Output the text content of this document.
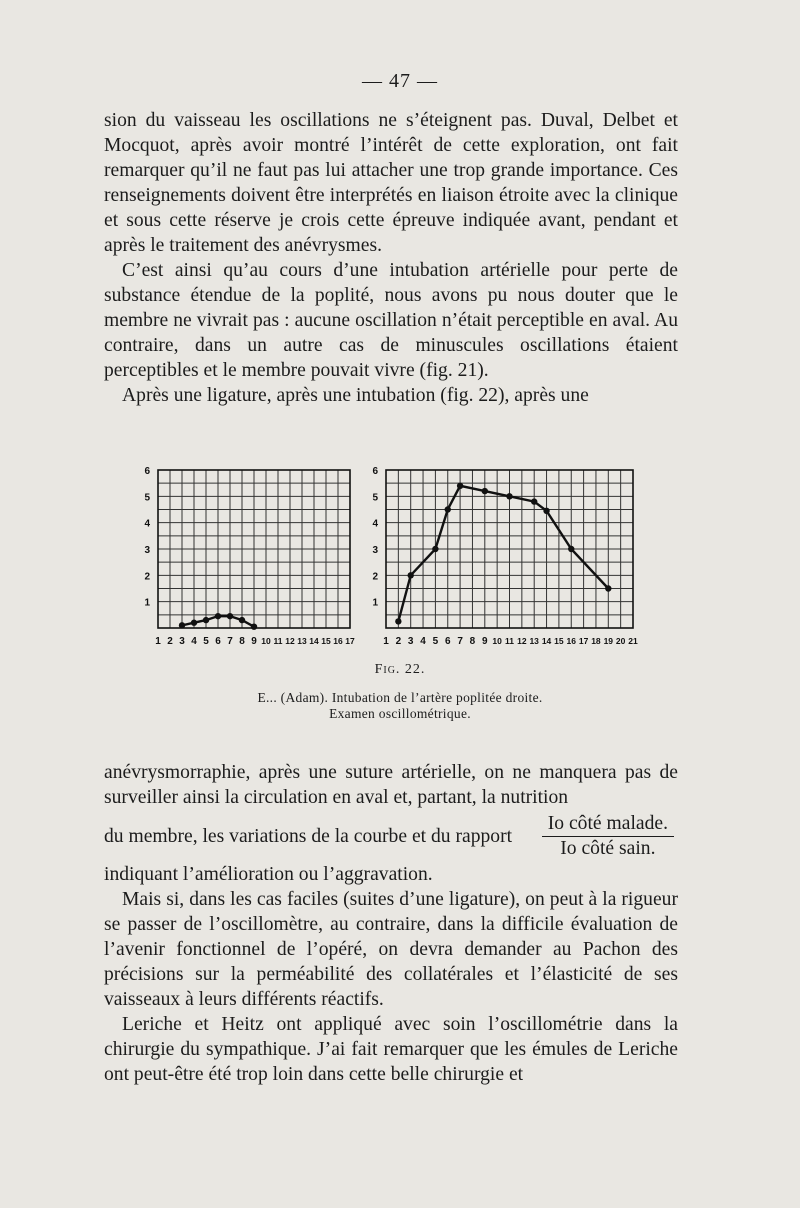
— 47 —

sion du vaisseau les oscillations ne s’éteignent pas. Duval, Delbet et Mocquot, après avoir montré l’intérêt de cette exploration, ont fait remarquer qu’il ne faut pas lui attacher une trop grande importance. Ces renseignements doivent être interprétés en liaison étroite avec la clinique et sous cette réserve je crois cette épreuve indiquée avant, pendant et après le traitement des anévrysmes.

C’est ainsi qu’au cours d’une intubation artérielle pour perte de substance étendue de la poplité, nous avons pu nous douter que le membre ne vivrait pas : aucune oscillation n’était perceptible en aval. Au contraire, dans un autre cas de minuscules oscillations étaient perceptibles et le membre pouvait vivre (fig. 21).

Après une ligature, après une intubation (fig. 22), après une

1
2
3
4
5
6
1 2 3 4 5 6 7 8 9 10 11 12 13 14 15 16 17
1
2
3
4
5
6
1 2 3 4 5 6 7 8 9 10 11 12 13 14 15 16 17 18 19 20 21
Fig. 22.
E... (Adam). Intubation de l’artère poplitée droite.
Examen oscillométrique.

anévrysmorraphie, après une suture artérielle, on ne manquera pas de surveiller ainsi la circulation en aval et, partant, la nutrition

du membre, les variations de la courbe et du rapport $\frac{\text{Io côté malade.}}{\text{Io côté sain.}}$

indiquant l’amélioration ou l’aggravation.

Mais si, dans les cas faciles (suites d’une ligature), on peut à la rigueur se passer de l’oscillomètre, au contraire, dans la difficile évaluation de l’avenir fonctionnel de l’opéré, on devra demander au Pachon des précisions sur la perméabilité des collatérales et l’élasticité de ses vaisseaux à leurs différents réactifs.

Leriche et Heitz ont appliqué avec soin l’oscillométrie dans la chirurgie du sympathique. J’ai fait remarquer que les émules de Leriche ont peut-être été trop loin dans cette belle chirurgie et
